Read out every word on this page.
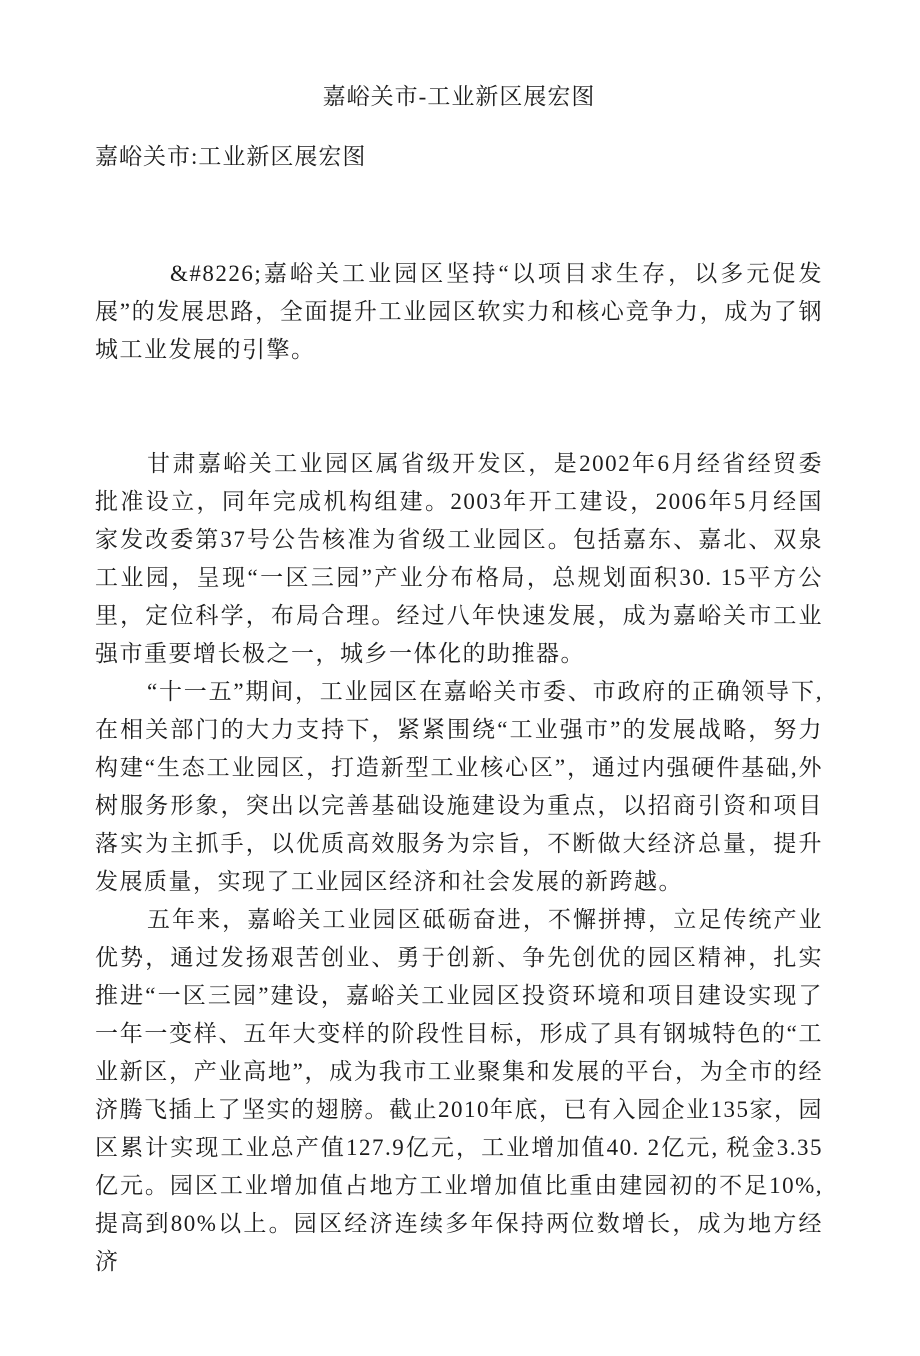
嘉峪关市-工业新区展宏图
嘉峪关市:工业新区展宏图

&#8226;嘉峪关工业园区坚持“以项目求生存，以多元促发展”的发展思路，全面提升工业园区软实力和核心竞争力，成为了钢城工业发展的引擎。

甘肃嘉峪关工业园区属省级开发区，是2002年6月经省经贸委批准设立，同年完成机构组建。2003年开工建设，2006年5月经国家发改委第37号公告核准为省级工业园区。包括嘉东、嘉北、双泉工业园，呈现“一区三园”产业分布格局，总规划面积30. 15平方公里，定位科学，布局合理。经过八年快速发展，成为嘉峪关市工业强市重要增长极之一，城乡一体化的助推器。

“十一五”期间，工业园区在嘉峪关市委、市政府的正确领导下,在相关部门的大力支持下，紧紧围绕“工业强市”的发展战略，努力构建“生态工业园区，打造新型工业核心区”，通过内强硬件基础,外树服务形象，突出以完善基础设施建设为重点，以招商引资和项目落实为主抓手，以优质高效服务为宗旨，不断做大经济总量，提升发展质量，实现了工业园区经济和社会发展的新跨越。

五年来，嘉峪关工业园区砥砺奋进，不懈拼搏，立足传统产业优势，通过发扬艰苦创业、勇于创新、争先创优的园区精神，扎实推进“一区三园”建设，嘉峪关工业园区投资环境和项目建设实现了一年一变样、五年大变样的阶段性目标，形成了具有钢城特色的“工业新区，产业高地”，成为我市工业聚集和发展的平台，为全市的经济腾飞插上了坚实的翅膀。截止2010年底，已有入园企业135家，园区累计实现工业总产值127.9亿元，工业增加值40. 2亿元, 税金3.35亿元。园区工业增加值占地方工业增加值比重由建园初的不足10%, 提高到80%以上。园区经济连续多年保持两位数增长，成为地方经济
